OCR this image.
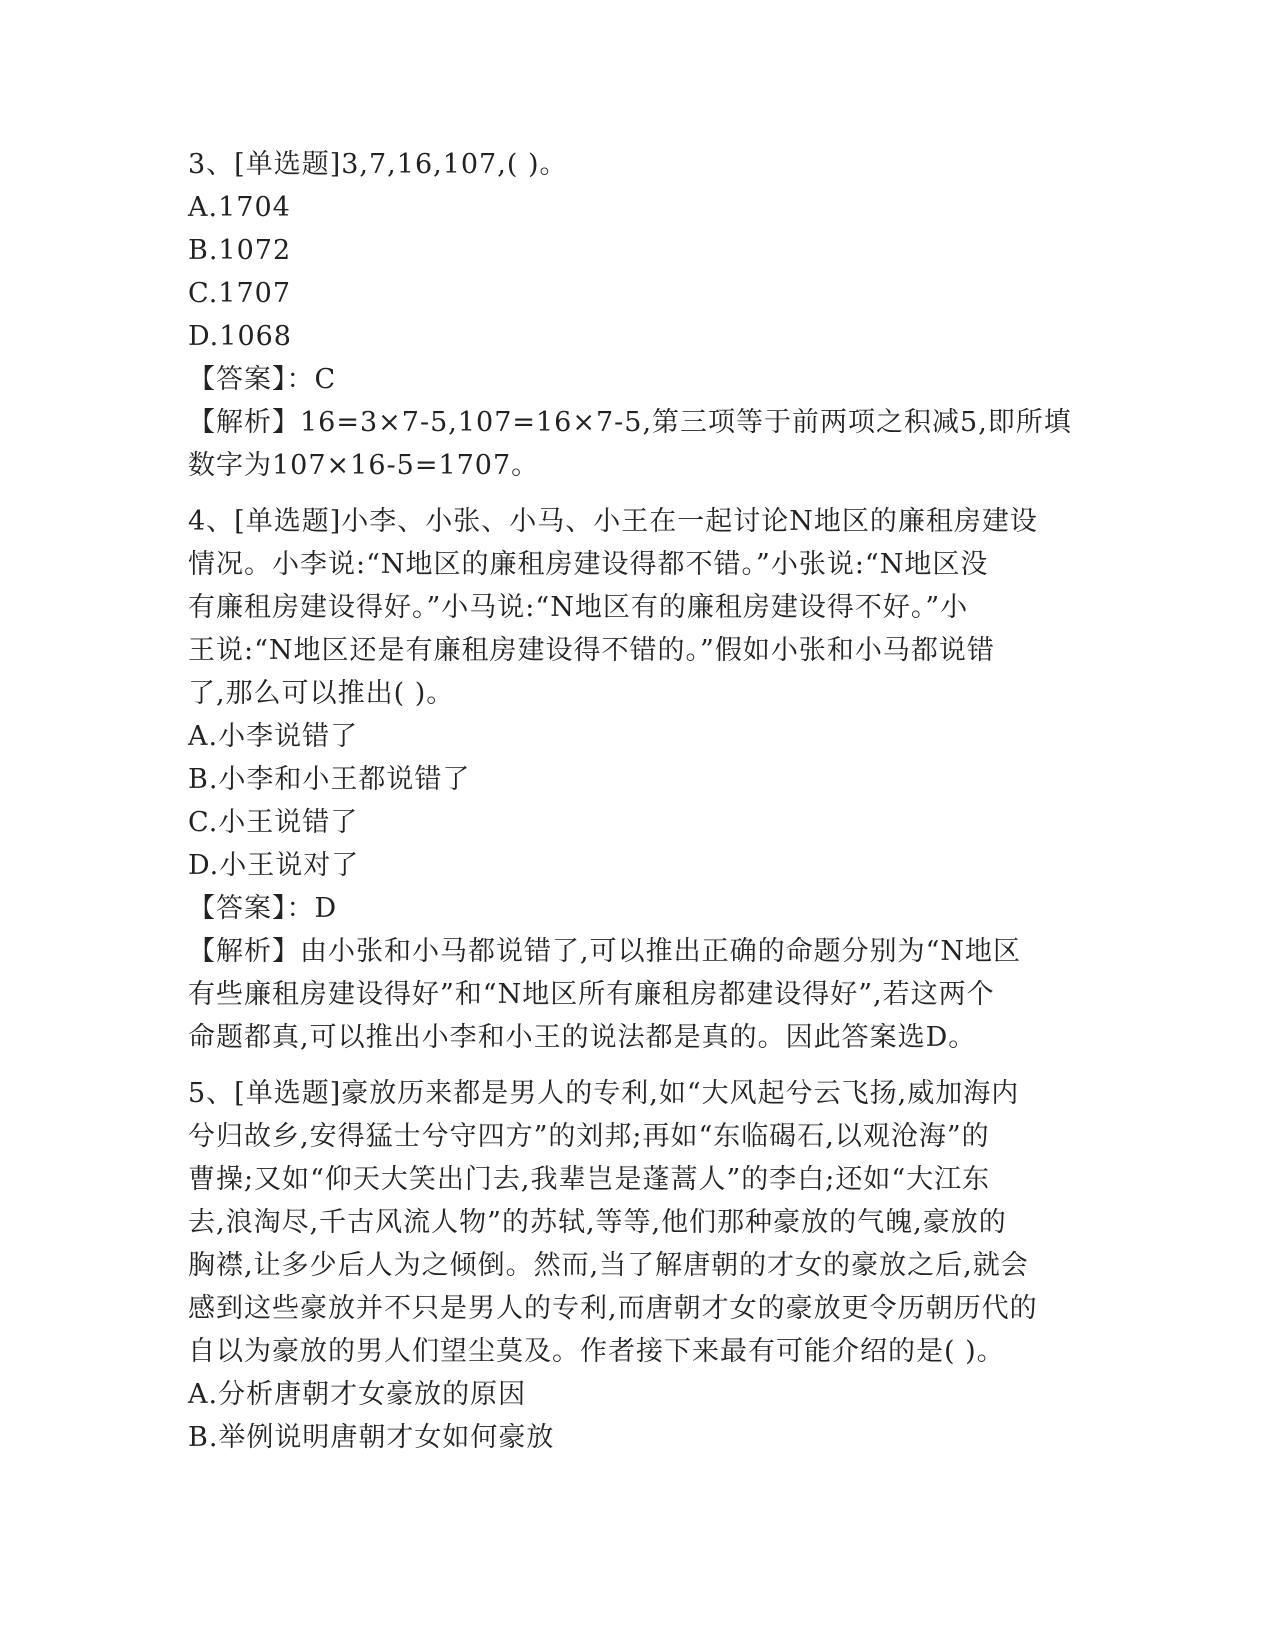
3、[单选题]3,7,16,107,( )。
A.1704
B.1072
C.1707
D.1068
【答案】：C
【解析】16=3×7-5,107=16×7-5,第三项等于前两项之积减5,即所填
数字为107×16-5=1707。
4、[单选题]小李、小张、小马、小王在一起讨论N地区的廉租房建设
情况。小李说:“N地区的廉租房建设得都不错。”小张说:“N地区没
有廉租房建设得好。”小马说:“N地区有的廉租房建设得不好。”小
王说:“N地区还是有廉租房建设得不错的。”假如小张和小马都说错
了,那么可以推出( )。
A.小李说错了
B.小李和小王都说错了
C.小王说错了
D.小王说对了
【答案】：D
【解析】由小张和小马都说错了,可以推出正确的命题分别为“N地区
有些廉租房建设得好”和“N地区所有廉租房都建设得好”,若这两个
命题都真,可以推出小李和小王的说法都是真的。因此答案选D。
5、[单选题]豪放历来都是男人的专利,如“大风起兮云飞扬,威加海内
兮归故乡,安得猛士兮守四方”的刘邦;再如“东临碣石,以观沧海”的
曹操;又如“仰天大笑出门去,我辈岂是蓬蒿人”的李白;还如“大江东
去,浪淘尽,千古风流人物”的苏轼,等等,他们那种豪放的气魄,豪放的
胸襟,让多少后人为之倾倒。然而,当了解唐朝的才女的豪放之后,就会
感到这些豪放并不只是男人的专利,而唐朝才女的豪放更令历朝历代的
自以为豪放的男人们望尘莫及。作者接下来最有可能介绍的是( )。
A.分析唐朝才女豪放的原因
B.举例说明唐朝才女如何豪放
